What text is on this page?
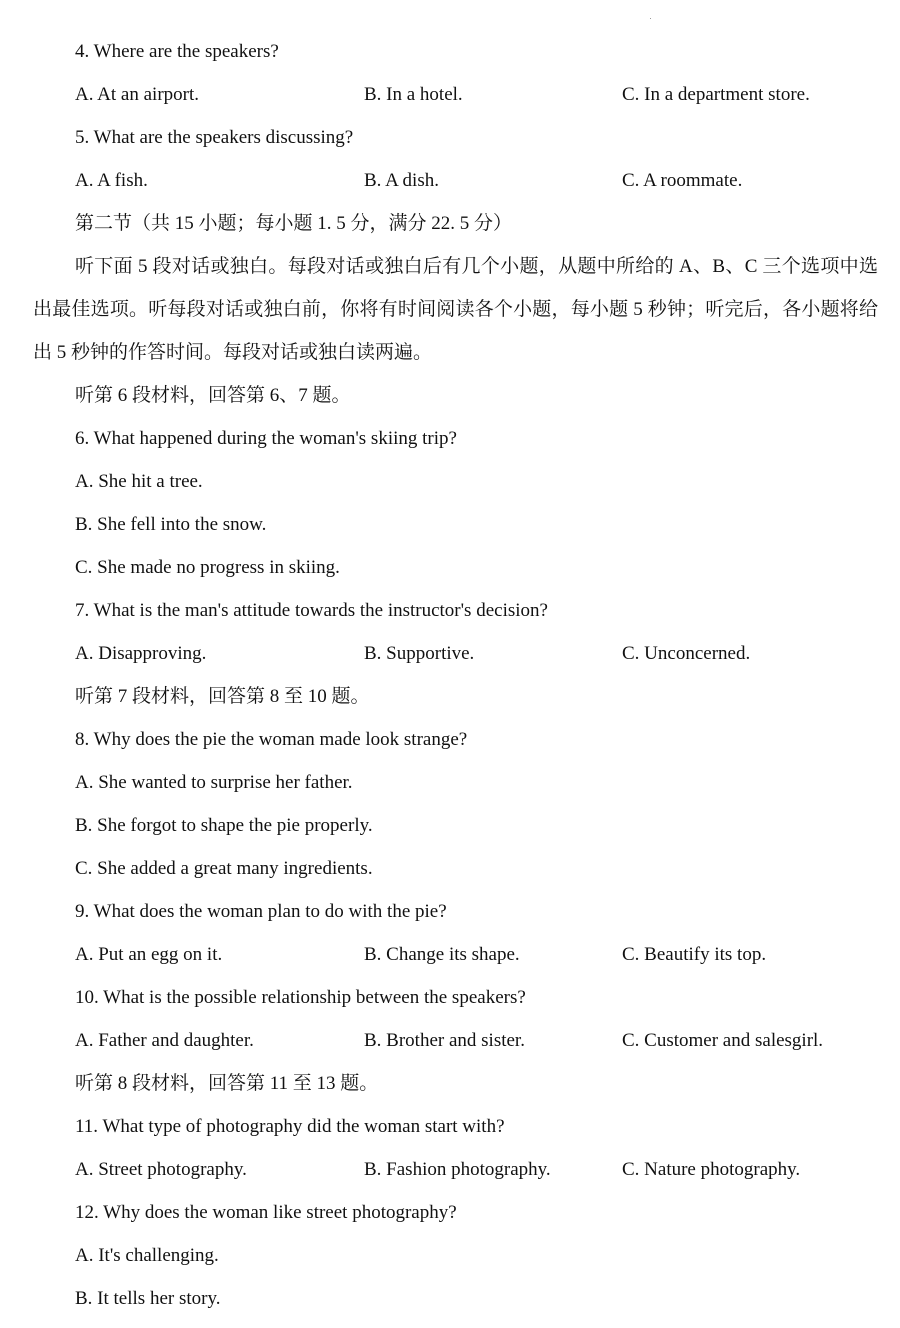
4. Where are the speakers?
A. At an airport.	B. In a hotel.	C. In a department store.
5. What are the speakers discussing?
A. A fish.	B. A dish.	C. A roommate.
第二节（共 15 小题；每小题 1. 5 分，满分 22. 5 分）
听下面 5 段对话或独白。每段对话或独白后有几个小题，从题中所给的 A、B、C 三个选项中选出最佳选项。听每段对话或独白前，你将有时间阅读各个小题，每小题 5 秒钟；听完后，各小题将给出 5 秒钟的作答时间。每段对话或独白读两遍。
听第 6 段材料，回答第 6、7 题。
6. What happened during the woman's skiing trip?
A. She hit a tree.
B. She fell into the snow.
C. She made no progress in skiing.
7. What is the man's attitude towards the instructor's decision?
A. Disapproving.	B. Supportive.	C. Unconcerned.
听第 7 段材料，回答第 8 至 10 题。
8. Why does the pie the woman made look strange?
A. She wanted to surprise her father.
B. She forgot to shape the pie properly.
C. She added a great many ingredients.
9. What does the woman plan to do with the pie?
A. Put an egg on it.	B. Change its shape.	C. Beautify its top.
10. What is the possible relationship between the speakers?
A. Father and daughter.	B. Brother and sister.	C. Customer and salesgirl.
听第 8 段材料，回答第 11 至 13 题。
11. What type of photography did the woman start with?
A. Street photography.	B. Fashion photography.	C. Nature photography.
12. Why does the woman like street photography?
A. It's challenging.
B. It tells her story.
